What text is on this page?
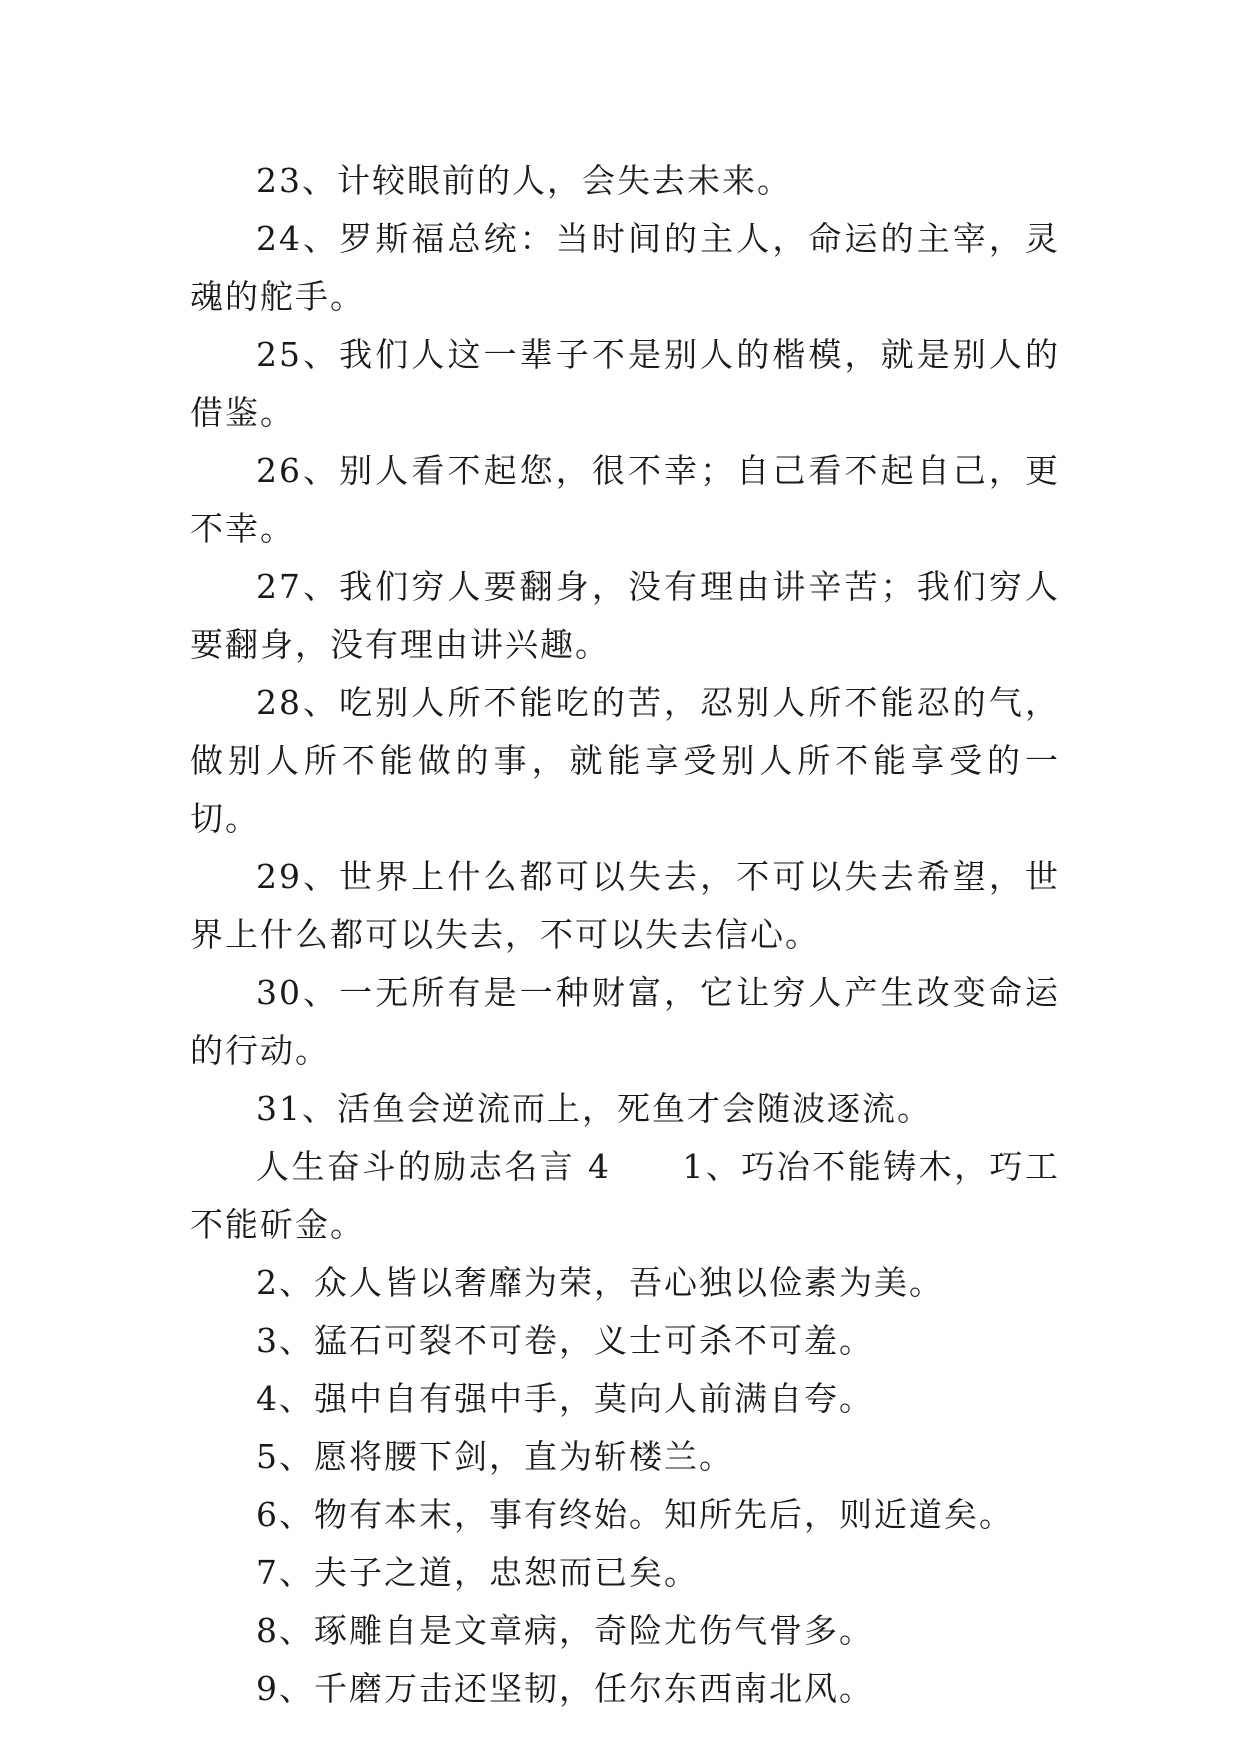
23、计较眼前的人，会失去未来。

24、罗斯福总统：当时间的主人，命运的主宰，灵魂的舵手。

25、我们人这一辈子不是别人的楷模，就是别人的借鉴。

26、别人看不起您，很不幸；自己看不起自己，更不幸。

27、我们穷人要翻身，没有理由讲辛苦；我们穷人要翻身，没有理由讲兴趣。

28、吃别人所不能吃的苦，忍别人所不能忍的气，做别人所不能做的事，就能享受别人所不能享受的一切。

29、世界上什么都可以失去，不可以失去希望，世界上什么都可以失去，不可以失去信心。

30、一无所有是一种财富，它让穷人产生改变命运的行动。

31、活鱼会逆流而上，死鱼才会随波逐流。

人生奋斗的励志名言 4　　1、巧冶不能铸木，巧工不能斫金。

2、众人皆以奢靡为荣，吾心独以俭素为美。

3、猛石可裂不可卷，义士可杀不可羞。

4、强中自有强中手，莫向人前满自夸。

5、愿将腰下剑，直为斩楼兰。

6、物有本末，事有终始。知所先后，则近道矣。

7、夫子之道，忠恕而已矣。

8、琢雕自是文章病，奇险尤伤气骨多。

9、千磨万击还坚韧，任尔东西南北风。
